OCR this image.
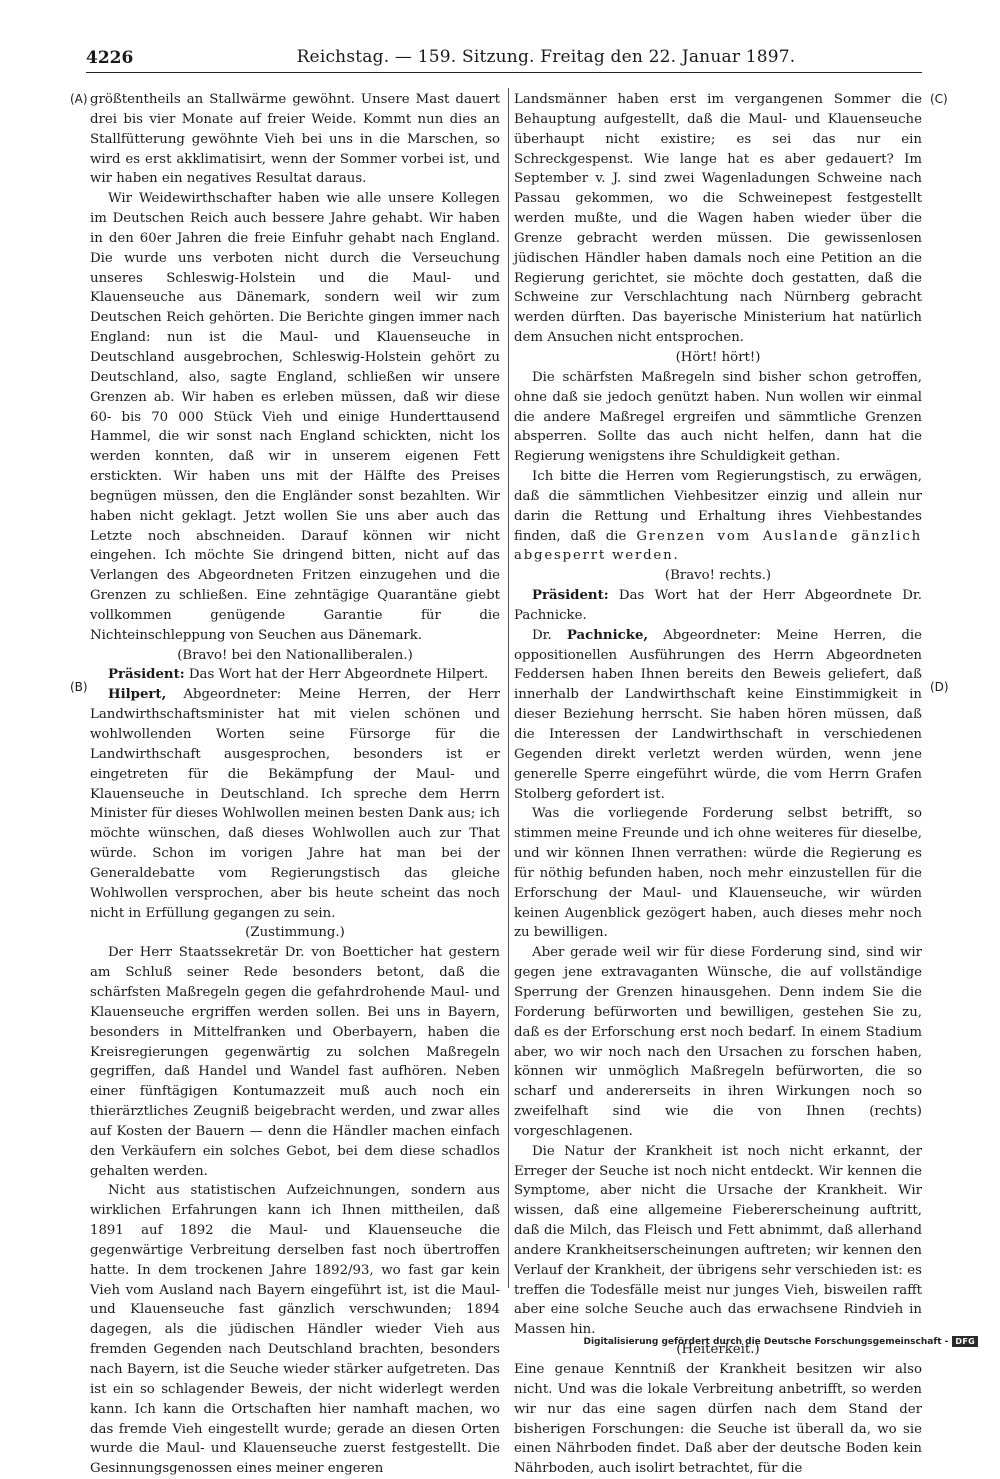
4226	Reichstag. — 159. Sitzung. Freitag den 22. Januar 1897.
(A)
(B)
(C)
(D)

größtentheils an Stallwärme gewöhnt. Unsere Mast dauert drei bis vier Monate auf freier Weide. Kommt nun dies an Stallfütterung gewöhnte Vieh bei uns in die Marschen, so wird es erst akklimatisirt, wenn der Sommer vorbei ist, und wir haben ein negatives Resultat daraus.

Wir Weidewirthschafter haben wie alle unsere Kollegen im Deutschen Reich auch bessere Jahre gehabt. Wir haben in den 60er Jahren die freie Einfuhr gehabt nach England. Die wurde uns verboten nicht durch die Verseuchung unseres Schleswig-Holstein und die Maul- und Klauenseuche aus Dänemark, sondern weil wir zum Deutschen Reich gehörten. Die Berichte gingen immer nach England: nun ist die Maul- und Klauenseuche in Deutschland ausgebrochen, Schleswig-Holstein gehört zu Deutschland, also, sagte England, schließen wir unsere Grenzen ab. Wir haben es erleben müssen, daß wir diese 60- bis 70 000 Stück Vieh und einige Hunderttausend Hammel, die wir sonst nach England schickten, nicht los werden konnten, daß wir in unserem eigenen Fett erstickten. Wir haben uns mit der Hälfte des Preises begnügen müssen, den die Engländer sonst bezahlten. Wir haben nicht geklagt. Jetzt wollen Sie uns aber auch das Letzte noch abschneiden. Darauf können wir nicht eingehen. Ich möchte Sie dringend bitten, nicht auf das Verlangen des Abgeordneten Fritzen einzugehen und die Grenzen zu schließen. Eine zehntägige Quarantäne giebt vollkommen genügende Garantie für die Nichteinschleppung von Seuchen aus Dänemark.

(Bravo! bei den Nationalliberalen.)

Präsident: Das Wort hat der Herr Abgeordnete Hilpert.

Hilpert, Abgeordneter: Meine Herren, der Herr Landwirthschaftsminister hat mit vielen schönen und wohlwollenden Worten seine Fürsorge für die Landwirthschaft ausgesprochen, besonders ist er eingetreten für die Bekämpfung der Maul- und Klauenseuche in Deutschland. Ich spreche dem Herrn Minister für dieses Wohlwollen meinen besten Dank aus; ich möchte wünschen, daß dieses Wohlwollen auch zur That würde. Schon im vorigen Jahre hat man bei der Generaldebatte vom Regierungstisch das gleiche Wohlwollen versprochen, aber bis heute scheint das noch nicht in Erfüllung gegangen zu sein.

(Zustimmung.)

Der Herr Staatssekretär Dr. von Boetticher hat gestern am Schluß seiner Rede besonders betont, daß die schärfsten Maßregeln gegen die gefahrdrohende Maul- und Klauenseuche ergriffen werden sollen. Bei uns in Bayern, besonders in Mittelfranken und Oberbayern, haben die Kreisregierungen gegenwärtig zu solchen Maßregeln gegriffen, daß Handel und Wandel fast aufhören. Neben einer fünftägigen Kontumazzeit muß auch noch ein thierärztliches Zeugniß beigebracht werden, und zwar alles auf Kosten der Bauern — denn die Händler machen einfach den Verkäufern ein solches Gebot, bei dem diese schadlos gehalten werden.

Nicht aus statistischen Aufzeichnungen, sondern aus wirklichen Erfahrungen kann ich Ihnen mittheilen, daß 1891 auf 1892 die Maul- und Klauenseuche die gegenwärtige Verbreitung derselben fast noch übertroffen hatte. In dem trockenen Jahre 1892/93, wo fast gar kein Vieh vom Ausland nach Bayern eingeführt ist, ist die Maul- und Klauenseuche fast gänzlich verschwunden; 1894 dagegen, als die jüdischen Händler wieder Vieh aus fremden Gegenden nach Deutschland brachten, besonders nach Bayern, ist die Seuche wieder stärker aufgetreten. Das ist ein so schlagender Beweis, der nicht widerlegt werden kann. Ich kann die Ortschaften hier namhaft machen, wo das fremde Vieh eingestellt wurde; gerade an diesen Orten wurde die Maul- und Klauenseuche zuerst festgestellt. Die Gesinnungsgenossen eines meiner engeren

Landsmänner haben erst im vergangenen Sommer die Behauptung aufgestellt, daß die Maul- und Klauenseuche überhaupt nicht existire; es sei das nur ein Schreckgespenst. Wie lange hat es aber gedauert? Im September v. J. sind zwei Wagenladungen Schweine nach Passau gekommen, wo die Schweinepest festgestellt werden mußte, und die Wagen haben wieder über die Grenze gebracht werden müssen. Die gewissenlosen jüdischen Händler haben damals noch eine Petition an die Regierung gerichtet, sie möchte doch gestatten, daß die Schweine zur Verschlachtung nach Nürnberg gebracht werden dürften. Das bayerische Ministerium hat natürlich dem Ansuchen nicht entsprochen.

(Hört! hört!)

Die schärfsten Maßregeln sind bisher schon getroffen, ohne daß sie jedoch genützt haben. Nun wollen wir einmal die andere Maßregel ergreifen und sämmtliche Grenzen absperren. Sollte das auch nicht helfen, dann hat die Regierung wenigstens ihre Schuldigkeit gethan.

Ich bitte die Herren vom Regierungstisch, zu erwägen, daß die sämmtlichen Viehbesitzer einzig und allein nur darin die Rettung und Erhaltung ihres Viehbestandes finden, daß die Grenzen vom Auslande gänzlich abgesperrt werden.

(Bravo! rechts.)

Präsident: Das Wort hat der Herr Abgeordnete Dr. Pachnicke.

Dr. Pachnicke, Abgeordneter: Meine Herren, die oppositionellen Ausführungen des Herrn Abgeordneten Feddersen haben Ihnen bereits den Beweis geliefert, daß innerhalb der Landwirthschaft keine Einstimmigkeit in dieser Beziehung herrscht. Sie haben hören müssen, daß die Interessen der Landwirthschaft in verschiedenen Gegenden direkt verletzt werden würden, wenn jene generelle Sperre eingeführt würde, die vom Herrn Grafen Stolberg gefordert ist.

Was die vorliegende Forderung selbst betrifft, so stimmen meine Freunde und ich ohne weiteres für dieselbe, und wir können Ihnen verrathen: würde die Regierung es für nöthig befunden haben, noch mehr einzustellen für die Erforschung der Maul- und Klauenseuche, wir würden keinen Augenblick gezögert haben, auch dieses mehr noch zu bewilligen.

Aber gerade weil wir für diese Forderung sind, sind wir gegen jene extravaganten Wünsche, die auf vollständige Sperrung der Grenzen hinausgehen. Denn indem Sie die Forderung befürworten und bewilligen, gestehen Sie zu, daß es der Erforschung erst noch bedarf. In einem Stadium aber, wo wir noch nach den Ursachen zu forschen haben, können wir unmöglich Maßregeln befürworten, die so scharf und andererseits in ihren Wirkungen noch so zweifelhaft sind wie die von Ihnen (rechts) vorgeschlagenen.

Die Natur der Krankheit ist noch nicht erkannt, der Erreger der Seuche ist noch nicht entdeckt. Wir kennen die Symptome, aber nicht die Ursache der Krankheit. Wir wissen, daß eine allgemeine Fiebererscheinung auftritt, daß die Milch, das Fleisch und Fett abnimmt, daß allerhand andere Krankheitserscheinungen auftreten; wir kennen den Verlauf der Krankheit, der übrigens sehr verschieden ist: es treffen die Todesfälle meist nur junges Vieh, bisweilen rafft aber eine solche Seuche auch das erwachsene Rindvieh in Massen hin.

(Heiterkeit.)

Eine genaue Kenntniß der Krankheit besitzen wir also nicht. Und was die lokale Verbreitung anbetrifft, so werden wir nur das eine sagen dürfen nach dem Stand der bisherigen Forschungen: die Seuche ist überall da, wo sie einen Nährboden findet. Daß aber der deutsche Boden kein Nährboden, auch isolirt betrachtet, für die

Digitalisierung gefördert durch die Deutsche Forschungsgemeinschaft - DFG
